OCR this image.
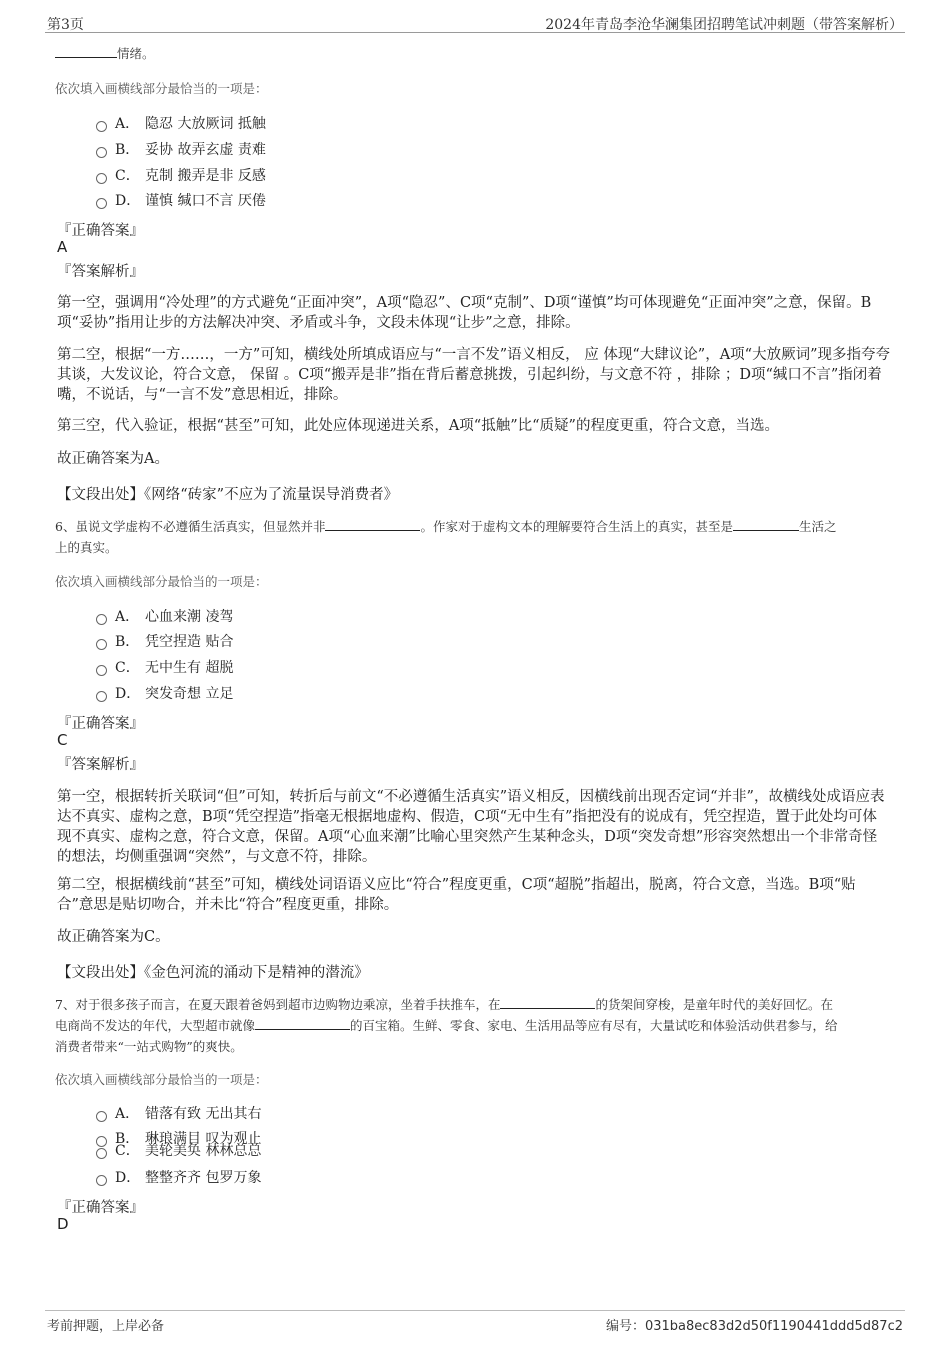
第3页	2024年青岛李沧华澜集团招聘笔试冲刺题（带答案解析）
情绪。
依次填入画横线部分最恰当的一项是：
A． 隐忍 大放厥词 抵触
B． 妥协 故弄玄虚 责难
C． 克制 搬弄是非 反感
D． 谨慎 缄口不言 厌倦
『正确答案』
A
『答案解析』
第一空，强调用“冷处理”的方式避免“正面冲突”，A项“隐忍”、C项“克制”、D项“谨慎”均可体现避免“正面冲突”之意，保留。B项“妥协”指用让步的方法解决冲突、矛盾或斗争，文段未体现“让步”之意，排除。
第二空，根据“一方……，一方”可知，横线处所填成语应与“一言不发”语义相反， 应 体现“大肆议论”，A项“大放厥词”现多指夸夸其谈，大发议论，符合文意， 保留 。C项“搬弄是非”指在背后蓄意挑拨，引起纠纷，与文意不符 ，排除 ；D项“缄口不言”指闭着嘴，不说话，与“一言不发”意思相近，排除。
第三空，代入验证，根据“甚至”可知，此处应体现递进关系，A项“抵触”比“质疑”的程度更重，符合文意，当选。
故正确答案为A。
【文段出处】《网络“砖家”不应为了流量误导消费者》
6、虽说文学虚构不必遵循生活真实，但显然并非	。作家对于虚构文本的理解要符合生活上的真实，甚至是	生活之
上的真实。
依次填入画横线部分最恰当的一项是：
A． 心血来潮 凌驾
B． 凭空捏造 贴合
C． 无中生有 超脱
D． 突发奇想 立足
『正确答案』
C
『答案解析』
第一空，根据转折关联词“但”可知，转折后与前文“不必遵循生活真实”语义相反，因横线前出现否定词“并非”，故横线处成语应表达不真实、虚构之意，B项“凭空捏造”指毫无根据地虚构、假造，C项“无中生有”指把没有的说成有，凭空捏造，置于此处均可体现不真实、虚构之意，符合文意，保留。A项“心血来潮”比喻心里突然产生某种念头，D项“突发奇想”形容突然想出一个非常奇怪的想法，均侧重强调“突然”，与文意不符，排除。
第二空，根据横线前“甚至”可知，横线处词语语义应比“符合”程度更重，C项“超脱”指超出，脱离，符合文意，当选。B项“贴合”意思是贴切吻合，并未比“符合”程度更重，排除。
故正确答案为C。
【文段出处】《金色河流的涌动下是精神的潜流》
7、对于很多孩子而言，在夏天跟着爸妈到超市边购物边乘凉，坐着手扶推车，在	的货架间穿梭，是童年时代的美好回忆。在
电商尚不发达的年代，大型超市就像	的百宝箱。生鲜、零食、家电、生活用品等应有尽有，大量试吃和体验活动供君参与，给
消费者带来“一站式购物”的爽快。
依次填入画横线部分最恰当的一项是：
A． 错落有致 无出其右
B． 琳琅满目 叹为观止
C． 美轮美奂 林林总总
D． 整整齐齐 包罗万象
『正确答案』
D
考前押题，上岸必备	编号：031ba8ec83d2d50f1190441ddd5d87c2
